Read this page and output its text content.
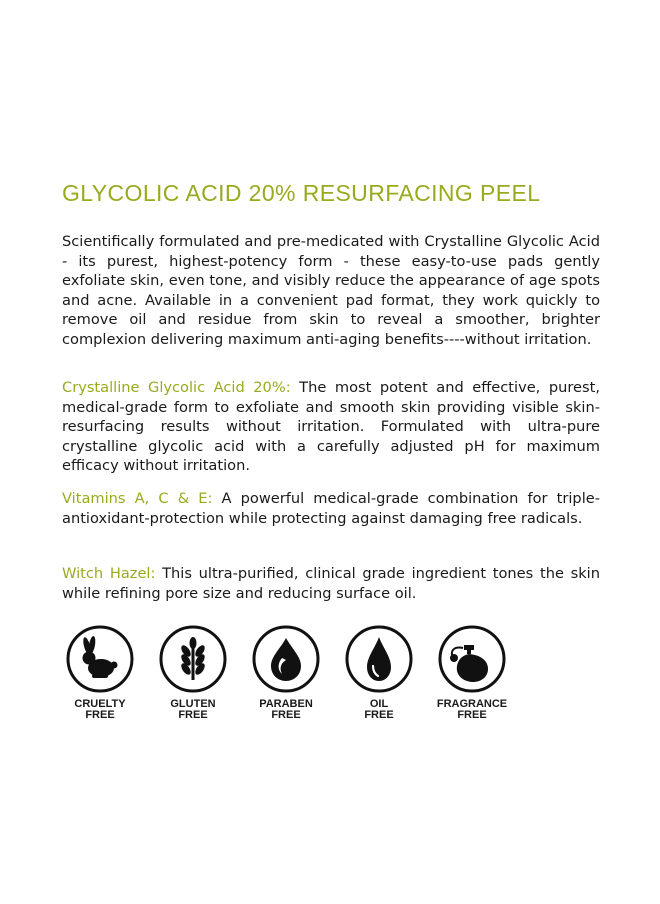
GLYCOLIC ACID 20% RESURFACING PEEL

Scientifically formulated and pre-medicated with Crystalline Glycolic Acid - its purest, highest-potency form - these easy-to-use pads gently exfoliate skin, even tone, and visibly reduce the appearance of age spots and acne. Available in a convenient pad format, they work quickly to remove oil and residue from skin to reveal a smoother, brighter complexion delivering maximum anti-aging benefits----without irritation.

Crystalline Glycolic Acid 20%: The most potent and effective, purest, medical-grade form to exfoliate and smooth skin providing visible skin-resurfacing results without irritation. Formulated with ultra-pure crystalline glycolic acid with a carefully adjusted pH for maximum efficacy without irritation.

Vitamins A, C & E: A powerful medical-grade combination for triple-antioxidant-protection while protecting against damaging free radicals.

Witch Hazel: This ultra-purified, clinical grade ingredient tones the skin while refining pore size and reducing surface oil.

CRUELTY
FREE
GLUTEN
FREE
PARABEN
FREE
OIL
FREE
FRAGRANCE
FREE
